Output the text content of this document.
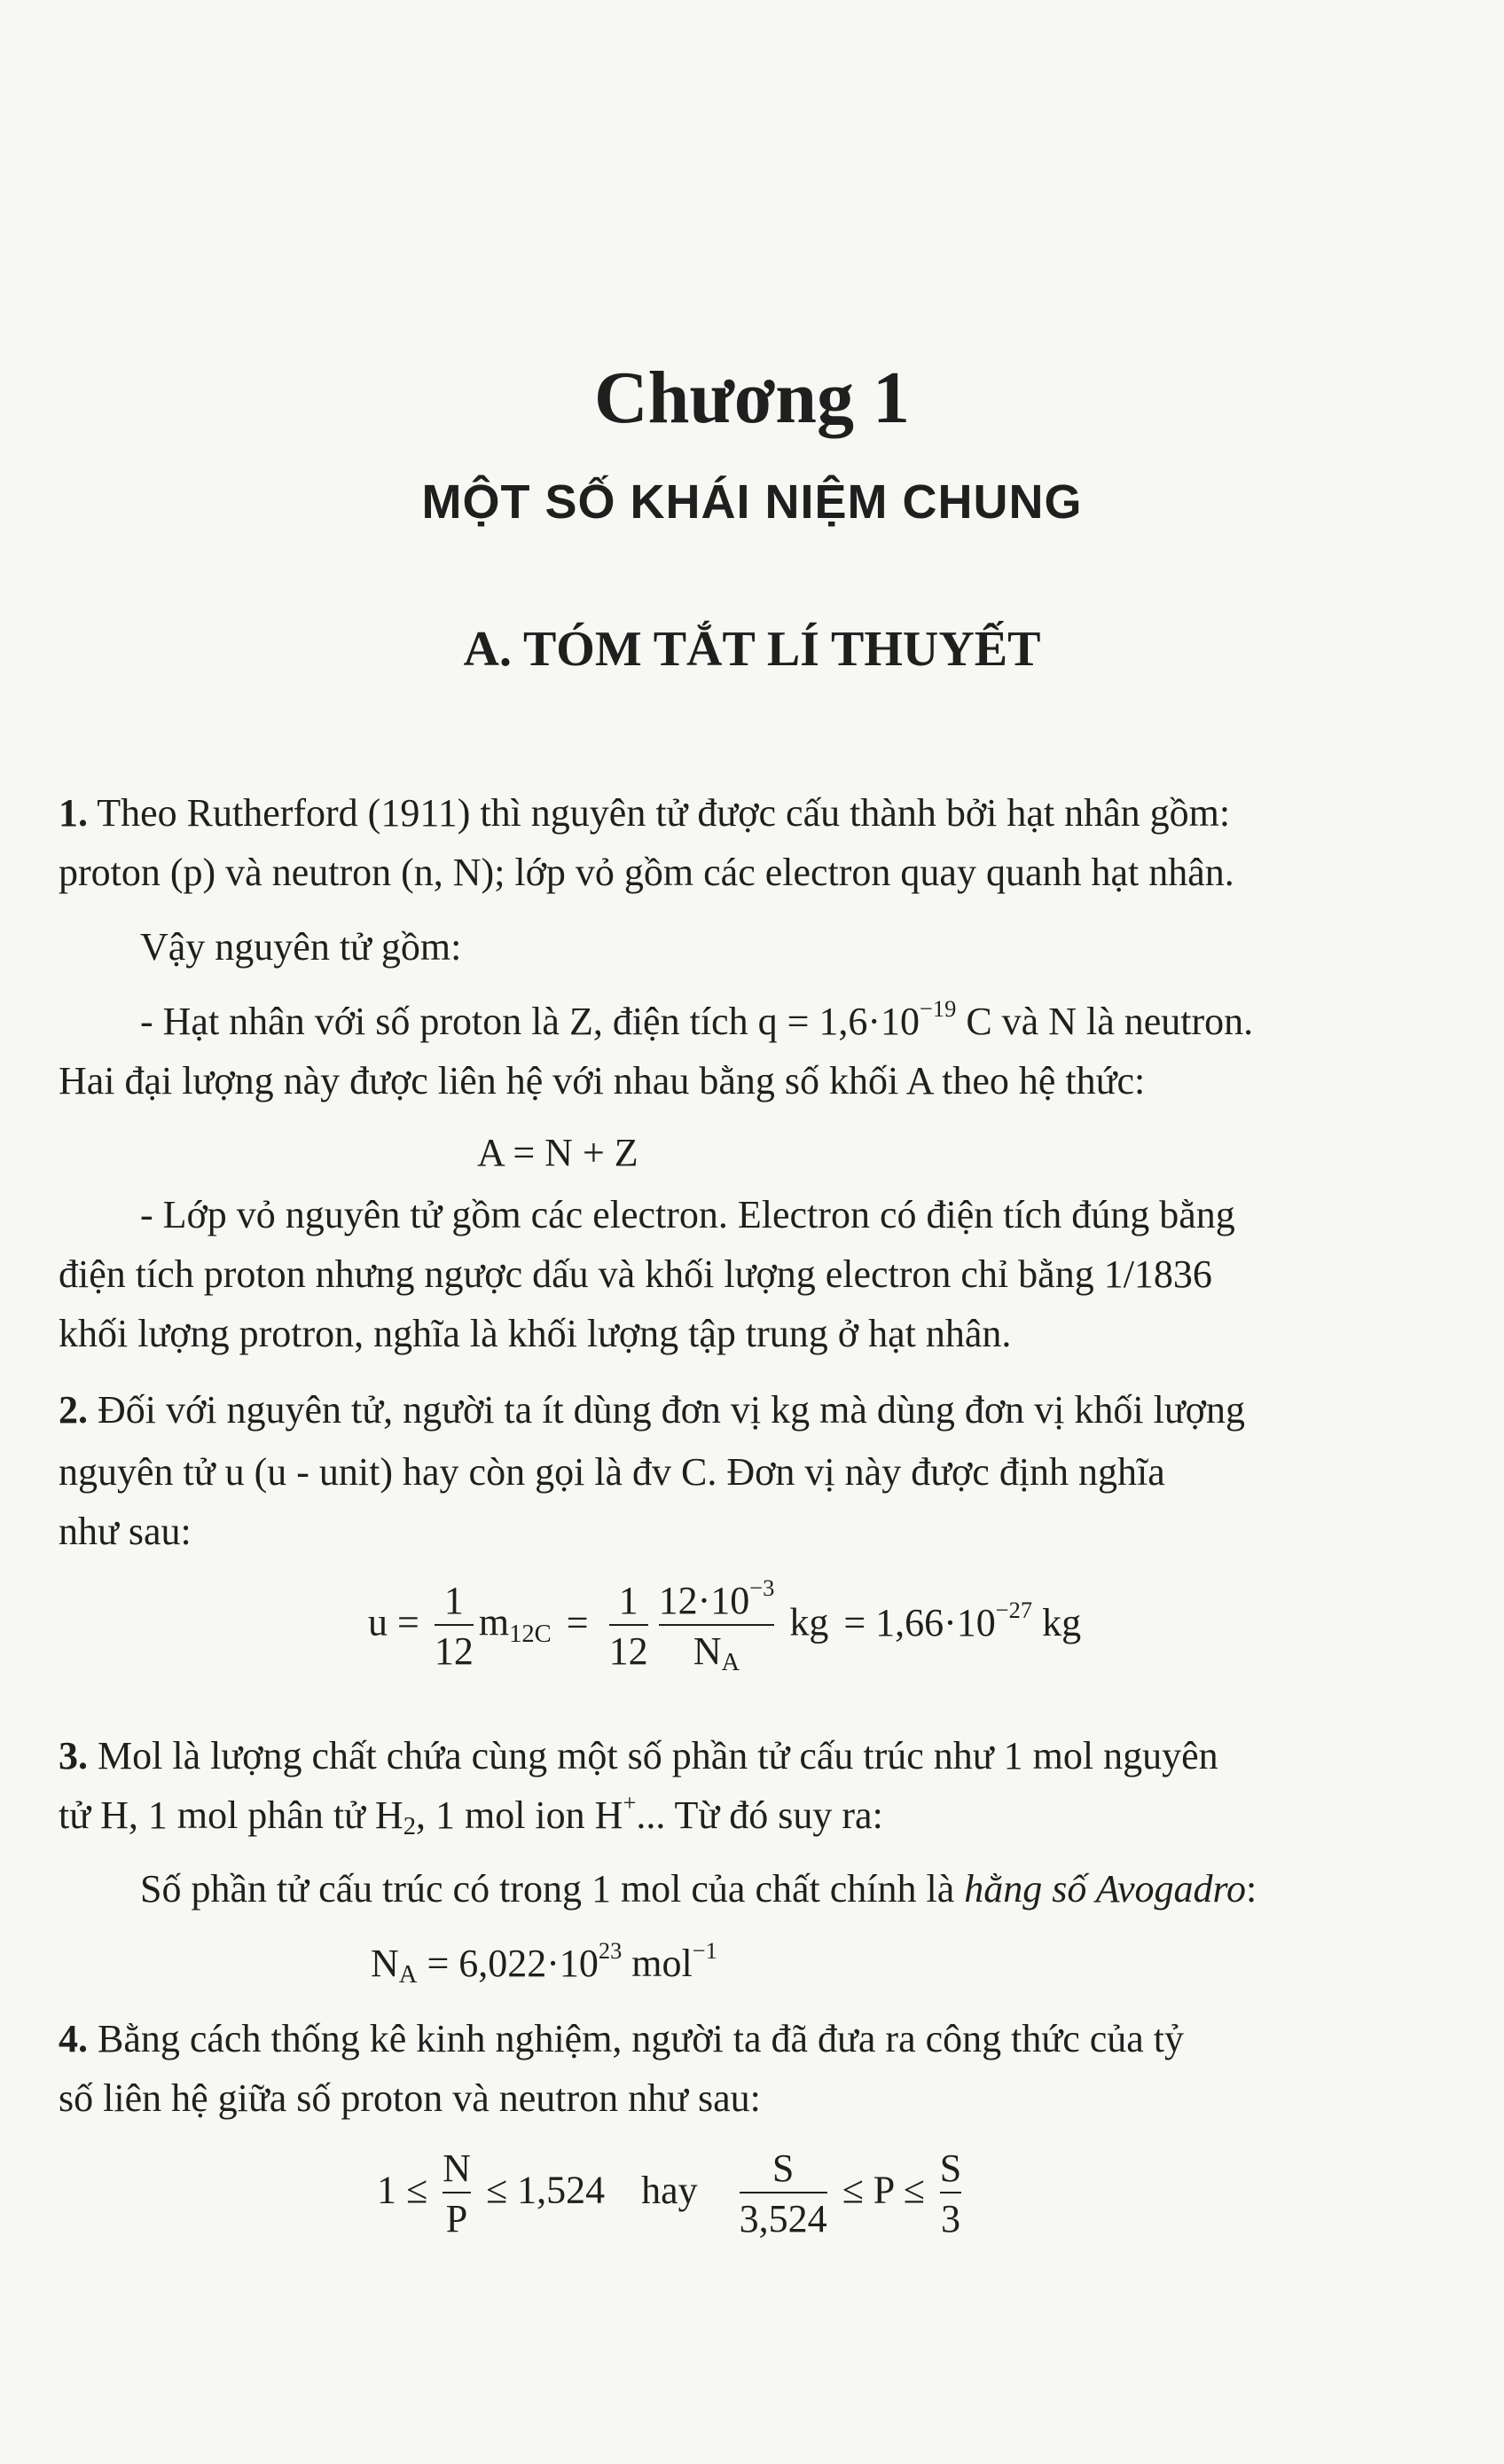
Chương 1
MỘT SỐ KHÁI NIỆM CHUNG
A. TÓM TẮT LÍ THUYẾT
1. Theo Rutherford (1911) thì nguyên tử được cấu thành bởi hạt nhân gồm:
proton (p) và neutron (n, N); lớp vỏ gồm các electron quay quanh hạt nhân.
Vậy nguyên tử gồm:
- Hạt nhân với số proton là Z, điện tích $q = 1,6\cdot 10^{-19}$ C và N là neutron.
Hai đại lượng này được liên hệ với nhau bằng số khối A theo hệ thức:
A = N + Z
- Lớp vỏ nguyên tử gồm các electron. Electron có điện tích đúng bằng
điện tích proton nhưng ngược dấu và khối lượng electron chỉ bằng 1/1836
khối lượng protron, nghĩa là khối lượng tập trung ở hạt nhân.
2. Đối với nguyên tử, người ta ít dùng đơn vị kg mà dùng đơn vị khối lượng
nguyên tử u (u - unit) hay còn gọi là đv C. Đơn vị này được định nghĩa
như sau:
$u = \frac{1}{12} m_{12C} = \frac{1}{12} \frac{12\cdot 10^{-3}}{N_A}$ kg = $1,66\cdot 10^{-27}$ kg
3. Mol là lượng chất chứa cùng một số phần tử cấu trúc như 1 mol nguyên
tử H, 1 mol phân tử $H_2$, 1 mol ion H+... Từ đó suy ra:
Số phần tử cấu trúc có trong 1 mol của chất chính là hằng số Avogadro:
$N_A = 6,022\cdot 10^{23}$ mol$^{-1}$
4. Bằng cách thống kê kinh nghiệm, người ta đã đưa ra công thức của tỷ
số liên hệ giữa số proton và neutron như sau:
$1 \le \frac{N}{P} \le 1,524$ hay $\frac{S}{3,524} \le P \le \frac{S}{3}$
